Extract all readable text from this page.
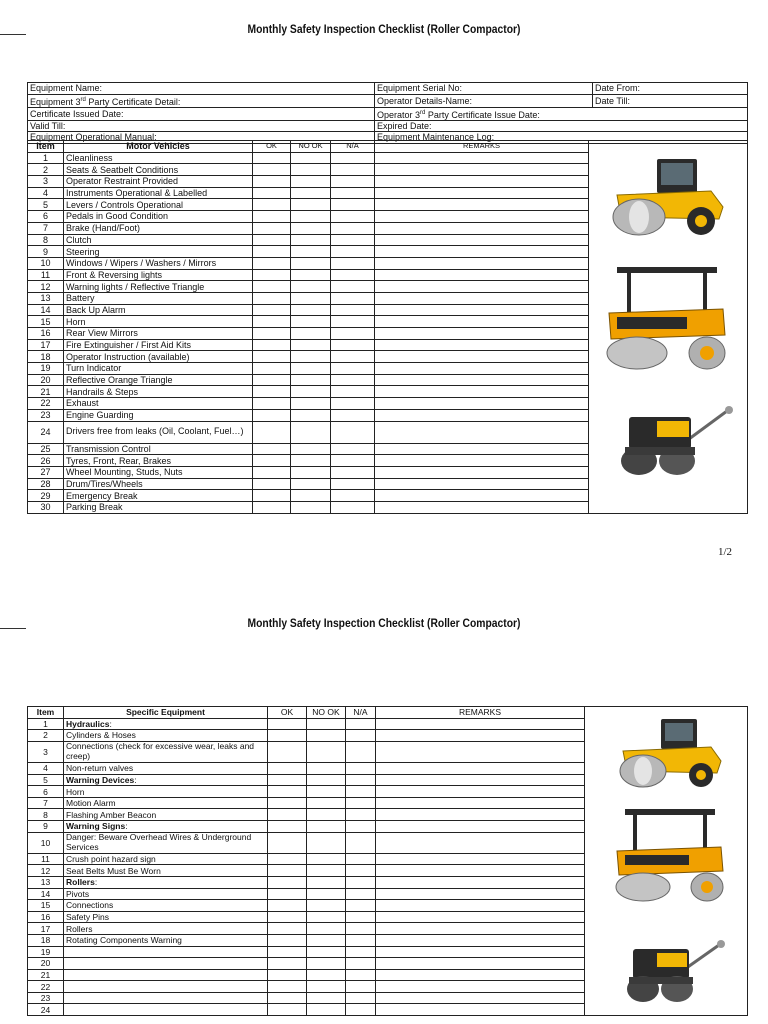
Monthly Safety Inspection Checklist (Roller Compactor)
Equipment Name:	Equipment Serial No:	Date From:
Equipment 3rd Party Certificate Detail:	Operator Details-Name:	Date Till:
Certificate Issued Date:	Operator 3rd Party Certificate Issue Date:	
Valid Till:	Expired Date:	
Equipment Operational Manual:	Equipment Maintenance Log:	
Item	Motor Vehicles	OK	NO OK	N/A	REMARKS	

1	Cleanliness					
2	Seats & Seatbelt Conditions					
3	Operator Restraint Provided					
4	Instruments Operational & Labelled					
5	Levers / Controls Operational					
6	Pedals in Good Condition					
7	Brake (Hand/Foot)					
8	Clutch					
9	Steering					
10	Windows / Wipers / Washers / Mirrors					
11	Front & Reversing lights					
12	Warning lights / Reflective Triangle					
13	Battery					
14	Back Up Alarm					
15	Horn					
16	Rear View Mirrors					
17	Fire Extinguisher / First Aid Kits					
18	Operator Instruction (available)					
19	Turn Indicator					
20	Reflective Orange Triangle					
21	Handrails & Steps					
22	Exhaust					
23	Engine Guarding					
24	Drivers free from leaks (Oil, Coolant, Fuel…)					
25	Transmission Control					
26	Tyres, Front, Rear, Brakes					
27	Wheel Mounting, Studs, Nuts					
28	Drum/Tires/Wheels					
29	Emergency Break					
30	Parking Break					
1/2
Monthly Safety Inspection Checklist (Roller Compactor)
Item	Specific Equipment	OK	NO OK	N/A	REMARKS	

1	Hydraulics:					
2	Cylinders & Hoses					
3	Connections (check for excessive wear, leaks and creep)					
4	Non-return valves					
5	Warning Devices:					
6	Horn					
7	Motion Alarm					
8	Flashing Amber Beacon					
9	Warning Signs:					
10	Danger: Beware Overhead Wires & Underground Services					
11	Crush point hazard sign					
12	Seat Belts Must Be Worn					
13	Rollers:					
14	Pivots					
15	Connections					
16	Safety Pins					
17	Rollers					
18	Rotating Components Warning					
19						
20						
21						
22						
23						
24						
